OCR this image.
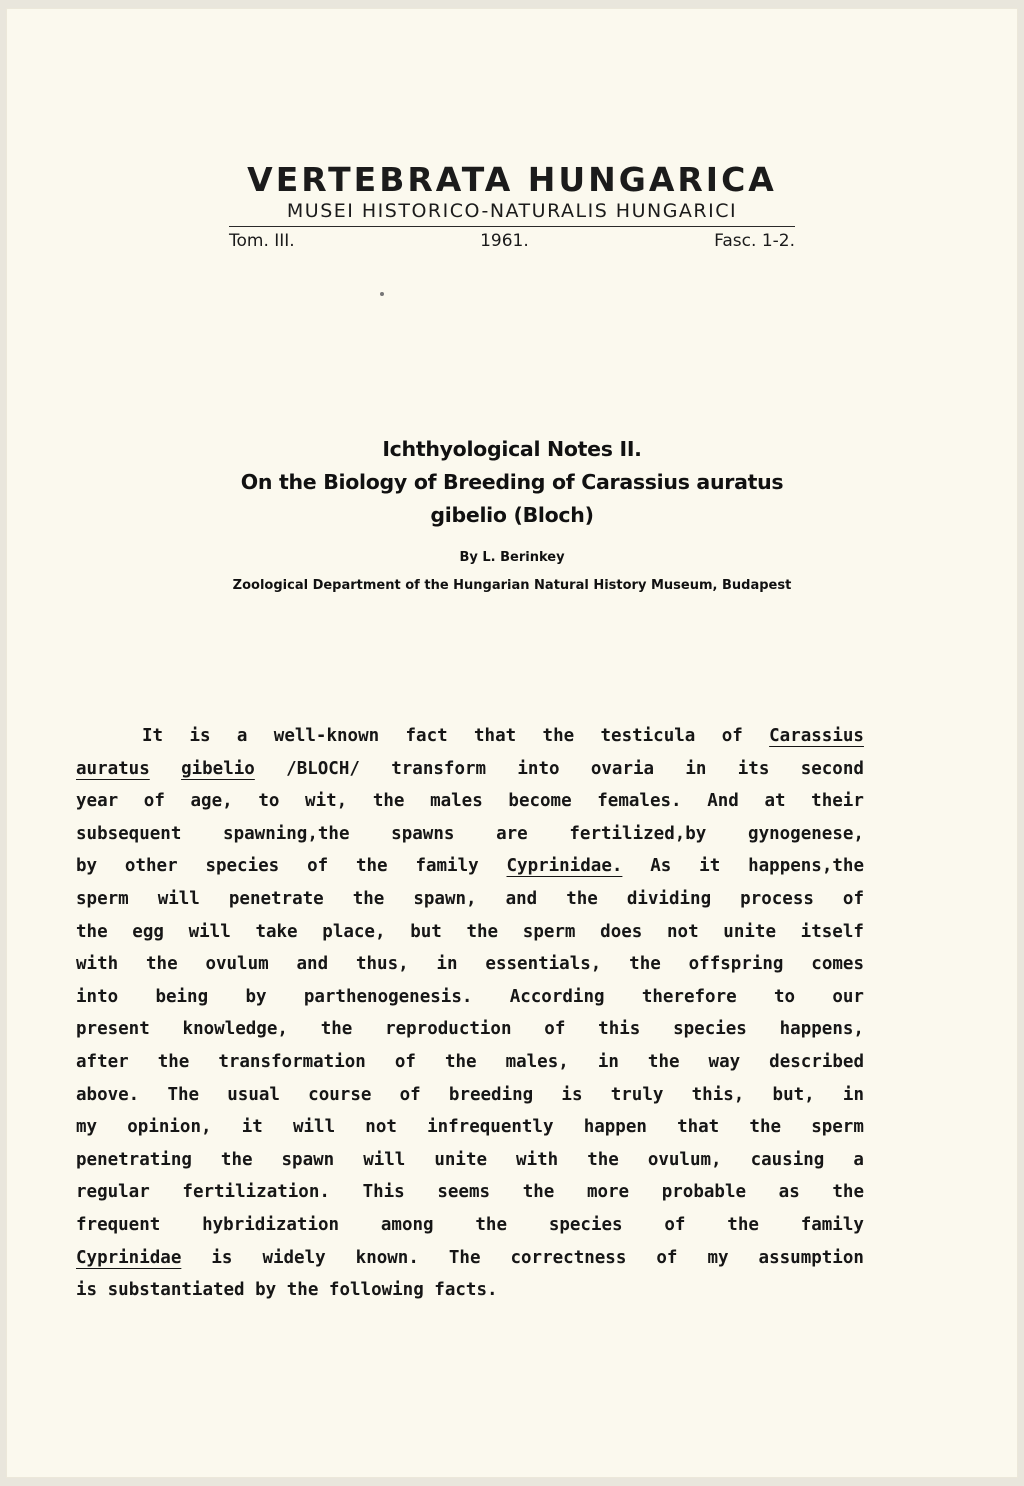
VERTEBRATA HUNGARICA
MUSEI HISTORICO-NATURALIS HUNGARICI
Tom. III.	1961.	Fasc. 1-2.
Ichthyological Notes II.
On the Biology of Breeding of Carassius auratus
gibelio (Bloch)
By L. Berinkey
Zoological Department of the Hungarian Natural History Museum, Budapest
It is a well-known fact that the testicula of Carassius
auratus gibelio /BLOCH/ transform into ovaria in its second
year of age, to wit, the males become females. And at their
subsequent spawning,the spawns are fertilized,by gynogenese,
by other species of the family Cyprinidae. As it happens,the
sperm will penetrate the spawn, and the dividing process of
the egg will take place, but the sperm does not unite itself
with the ovulum and thus, in essentials, the offspring comes
into being by parthenogenesis. According therefore to our
present knowledge, the reproduction of this species happens,
after the transformation of the males, in the way described
above. The usual course of breeding is truly this, but, in
my opinion, it will not infrequently happen that the sperm
penetrating the spawn will unite with the ovulum, causing a
regular fertilization. This seems the more probable as the
frequent hybridization among the species of the family
Cyprinidae is widely known. The correctness of my assumption
is
substantiated
by
the
following
facts.
